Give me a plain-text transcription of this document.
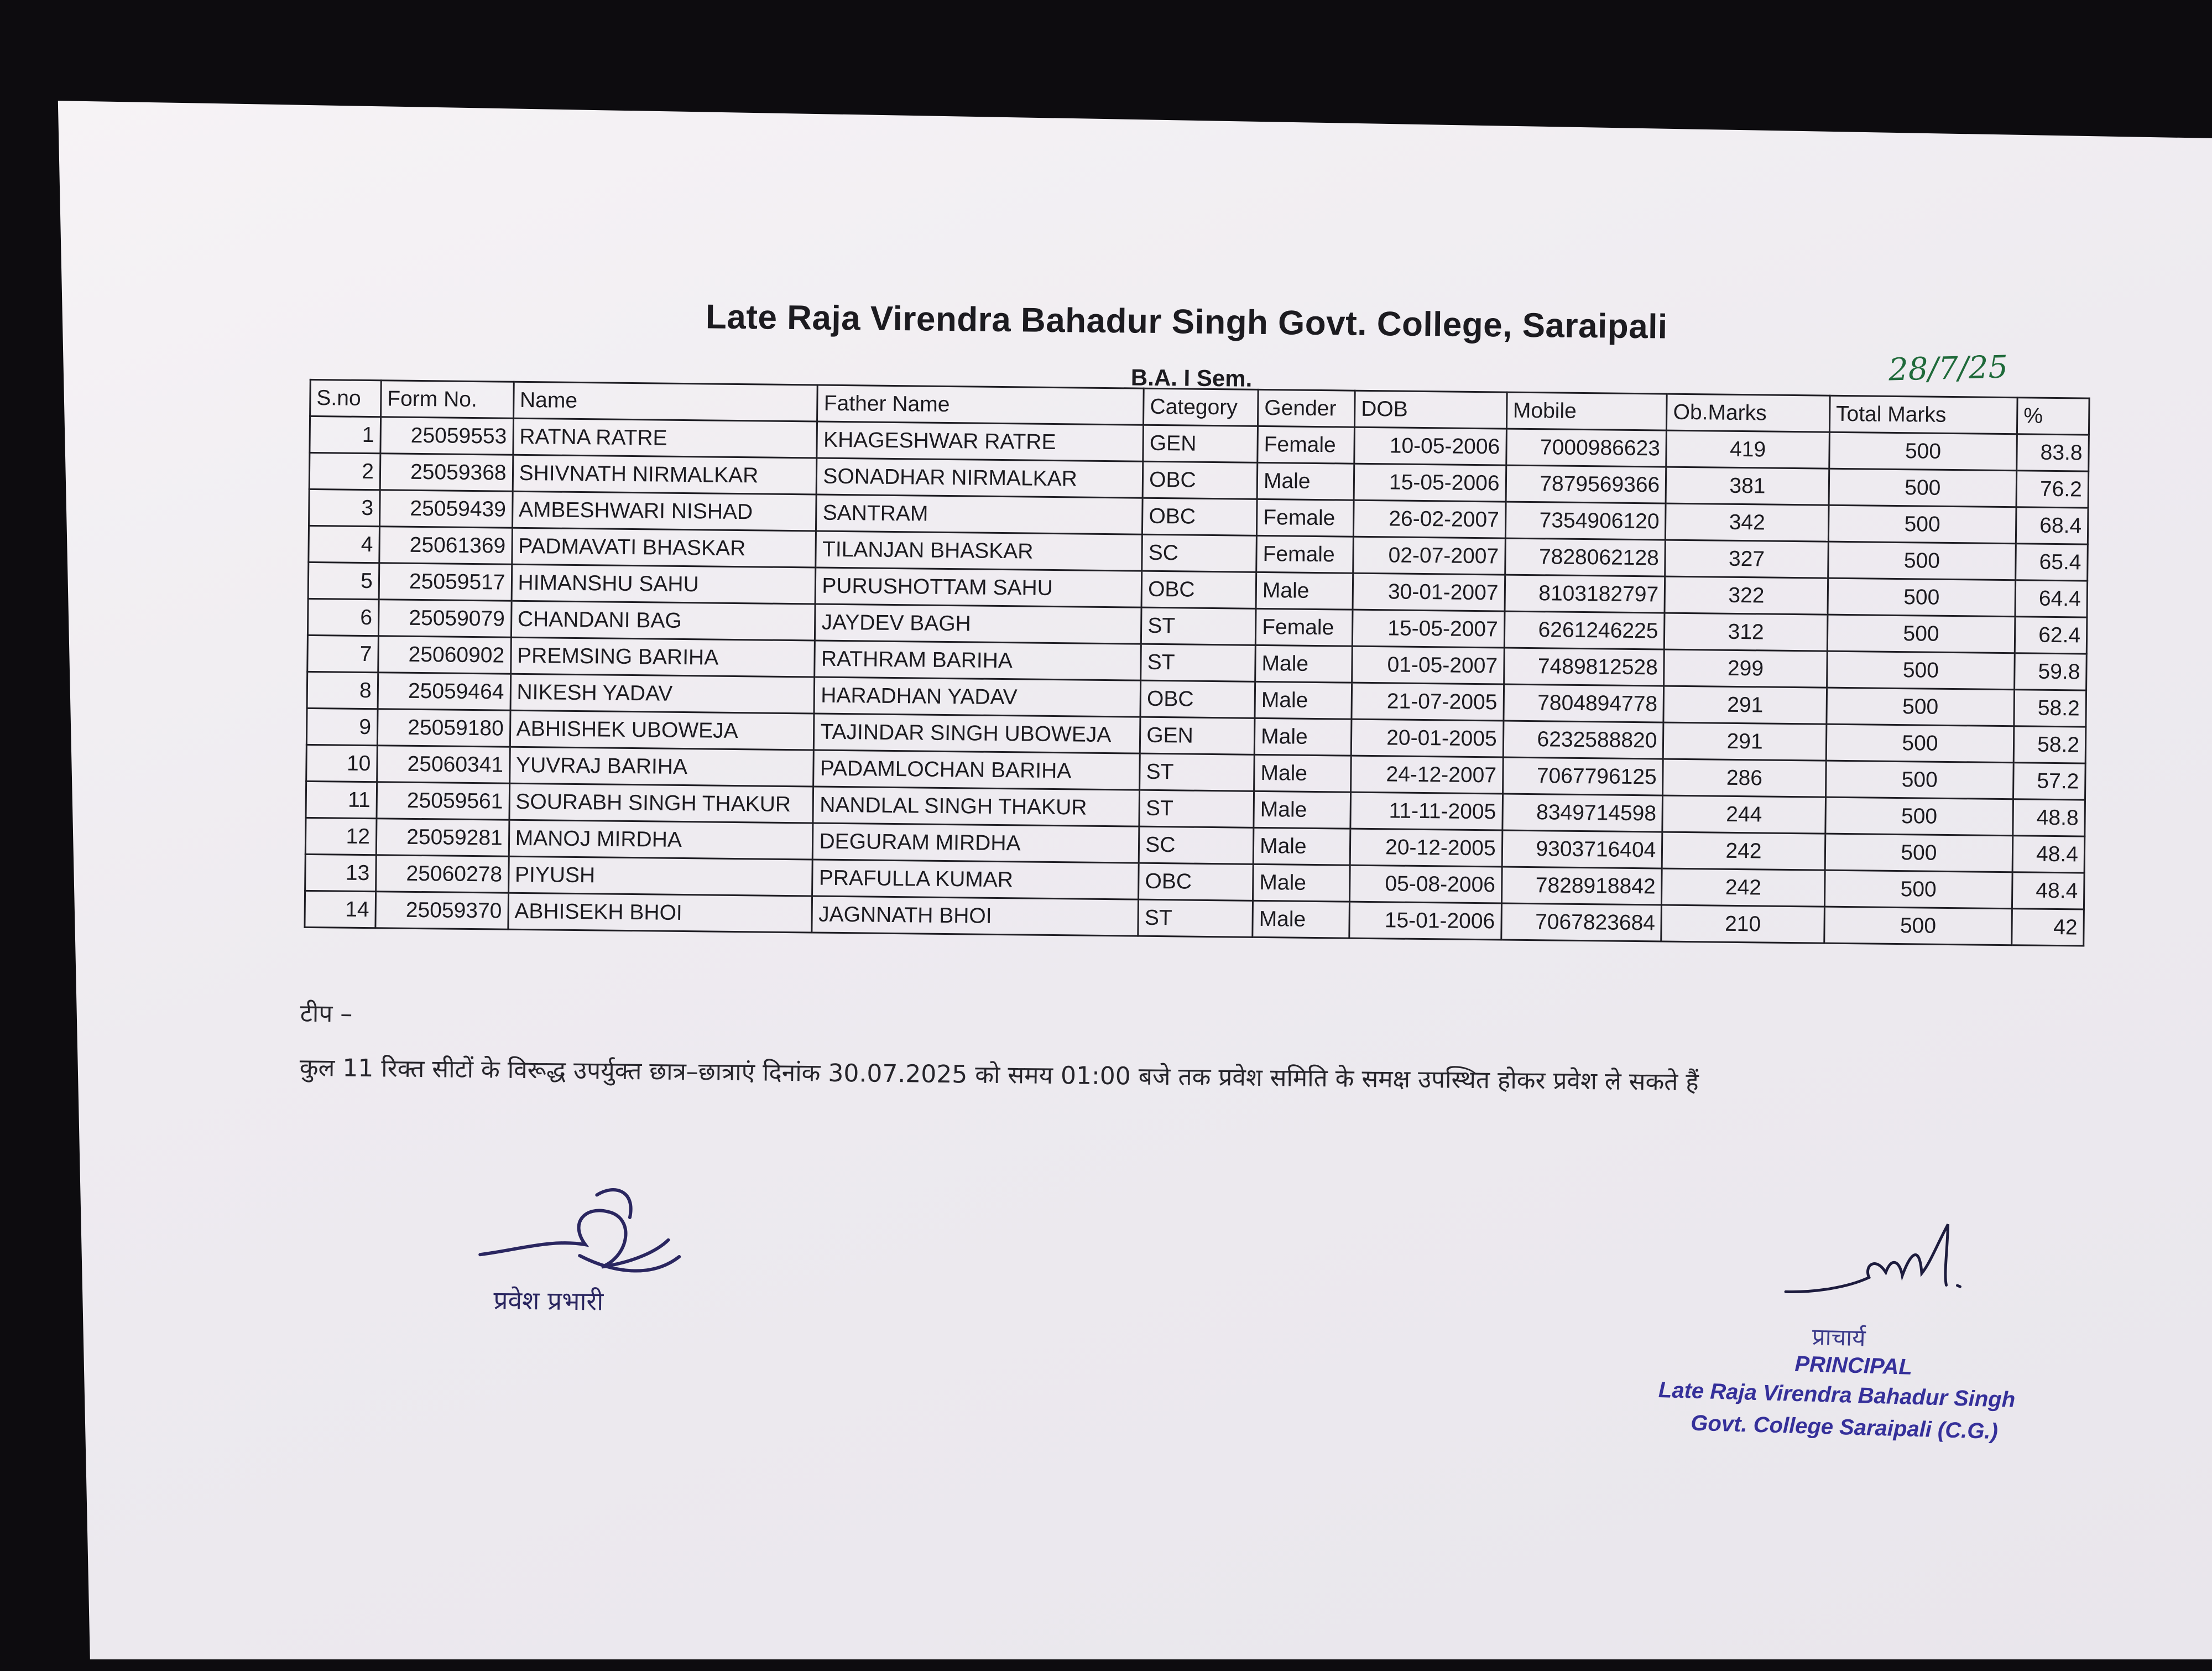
Late Raja Virendra Bahadur Singh Govt. College, Saraipali
B.A. I Sem.	28/7/25
S.no	Form No.	Name	Father Name	Category	Gender	DOB	Mobile	Ob.Marks	Total Marks	%
1	25059553	RATNA RATRE	KHAGESHWAR RATRE	GEN	Female	10-05-2006	7000986623	419	500	83.8
2	25059368	SHIVNATH NIRMALKAR	SONADHAR NIRMALKAR	OBC	Male	15-05-2006	7879569366	381	500	76.2
3	25059439	AMBESHWARI NISHAD	SANTRAM	OBC	Female	26-02-2007	7354906120	342	500	68.4
4	25061369	PADMAVATI BHASKAR	TILANJAN BHASKAR	SC	Female	02-07-2007	7828062128	327	500	65.4
5	25059517	HIMANSHU SAHU	PURUSHOTTAM SAHU	OBC	Male	30-01-2007	8103182797	322	500	64.4
6	25059079	CHANDANI BAG	JAYDEV BAGH	ST	Female	15-05-2007	6261246225	312	500	62.4
7	25060902	PREMSING BARIHA	RATHRAM BARIHA	ST	Male	01-05-2007	7489812528	299	500	59.8
8	25059464	NIKESH YADAV	HARADHAN YADAV	OBC	Male	21-07-2005	7804894778	291	500	58.2
9	25059180	ABHISHEK UBOWEJA	TAJINDAR SINGH UBOWEJA	GEN	Male	20-01-2005	6232588820	291	500	58.2
10	25060341	YUVRAJ BARIHA	PADAMLOCHAN BARIHA	ST	Male	24-12-2007	7067796125	286	500	57.2
11	25059561	SOURABH SINGH THAKUR	NANDLAL SINGH THAKUR	ST	Male	11-11-2005	8349714598	244	500	48.8
12	25059281	MANOJ MIRDHA	DEGURAM MIRDHA	SC	Male	20-12-2005	9303716404	242	500	48.4
13	25060278	PIYUSH	PRAFULLA KUMAR	OBC	Male	05-08-2006	7828918842	242	500	48.4
14	25059370	ABHISEKH BHOI	JAGNNATH BHOI	ST	Male	15-01-2006	7067823684	210	500	42
टीप –
कुल 11 रिक्त सीटों के विरूद्ध उपर्युक्त छात्र–छात्राएं दिनांक 30.07.2025 को समय 01:00 बजे तक प्रवेश समिति के समक्ष उपस्थित होकर प्रवेश ले सकते हैं
प्रवेश प्रभारी
प्राचार्य
PRINCIPAL
Late Raja Virendra Bahadur Singh
Govt. College Saraipali (C.G.)
